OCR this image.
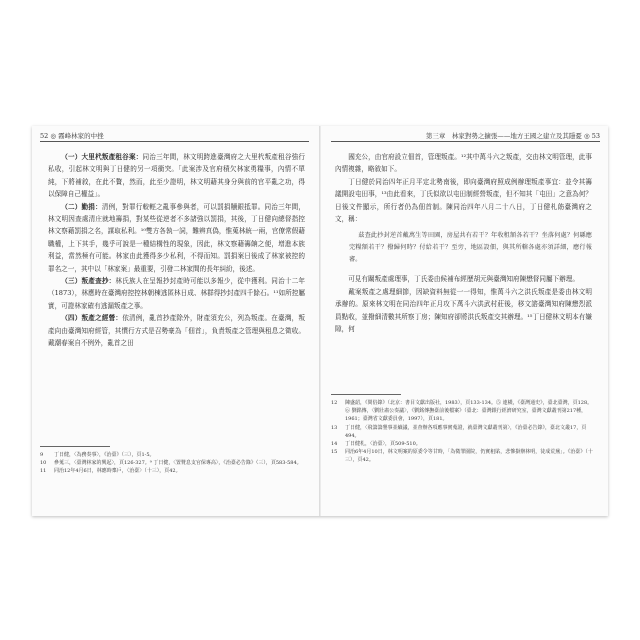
52 ◎ 霧峰林家的中挫

（一）大里杙叛產租谷案：同治三年間，林文明跨進臺灣府之大里杙叛產租谷強行私收，引起林文明與丁日健的另一項衝突。「此案涉及官府積欠林家勇糧事，內情不單純，下將補敘，在此不贅，然而，此至少證明，林文明藉其身分與前的官平亂之功，得以保障自己權益」。

（二）勤捐：清例，對罪行較輕之亂事參與者，可以罰捐贖銀抵罪。同治三年間，林文明因查處清庄就地籌捐，對某些從逆者不多諸強以罰捐，其後，丁日健向總督指控林文察藉罰捐之名，謀取私利。¹⁰雙方各執一詞，難辨真偽，惟蒐林統一兩，官僚常假藉職權，上下其手，幾乎可說是一種結構性的現象，因此，林文察藉籌餉之便，增進本族利益，當然極有可能。林家由此獲得多少私利，不得而知。罰捐案日後成了林家被控的罪名之一，其中以「林家案」最重要，引發二林家間的長年糾紛，後述。

（三）叛產查抄：林氏族人在呈報抄封產時可能以多報少，從中獲利。同治十二年（1873），林應時在臺灣府控控林朝棟逃匿林日成、林群得抄封產四千餘石。¹¹如所控屬實，可證林家確有逃漏叛產之事。

（四）叛產之經營：依清例，亂首抄產除外，財產須充公，列為叛產。在臺灣，叛產向由臺灣知府經管，其慣行方式是召勢豪為「佃首」，負責叛產之管理與租息之徵收。戴潮春案自不例外，亂首之田

9	丁日健，〈為務奏事〉，《治臺》（三），頁1-5。
10	參蒐三，〈臺灣林家的興起〉，頁126-327。⁹ 丁日健，〈置贊息支官保專高〉，《治臺必告錄》（三），頁583-584。
11	同治12年4月6日，林應時稟戶，〈治臺〉（十三），頁42。
第三章　林家對勢之擴張——地方王國之建立及其隱憂 ◎ 53

國充公，由官府設立佃首，管理叛產。¹²其中萬斗六之叛產，交由林文明管理，此事內情複雜，略敘如下。

丁日健於同治四年正月平定北勢南後，即向臺灣府照成例辦理叛產事宜：並令其籌議開設屯田事，¹³由此看來，丁氏似欲以屯田制經營叛產，但不知其「屯田」之意為何？日後文件顯示，所行者仍為佃首制。陳同治四年八月二十八日，丁日健札飭臺灣府之文，稱：

茲查此抄封逆首戴萬生等田園，房屋共有若干？年收租額各若干？坐落何處？何縣應完糧額若干？撥歸何時？付給若干？至旁，地區設佃，與其所轄各處亦須詳細，應行報審。

可見有關叛產處理事，丁氏委由候補布經歷胡元與臺灣知府陳懋督同屬下辦理。

戴案叛產之處理細節，因缺資料無從一一得知，惟萬斗六之洪氏叛產是委由林文明承辦的。原來林文明在同治四年正月攻下萬斗六洪武村莊後，移文諮臺灣知府陳懋烈派員點收，並撥細清數其所察丁房；陳知府卻將洪氏叛產交其辦理。¹⁵丁日健林文明本有嫌隙，何

12	陳盛韶，《問俗錄》（北京：書目文獻出版社，1983），頁133-134。⑤ 連橫，《臺灣通史》，臺北臺灣，頁128。⑥ 劉銘傳，〈劉壯肅公奏議〉，《劉銘傳撫臺前後檔案》（臺北：臺灣銀行經濟研究室，臺灣文獻叢刊第217種，1961；臺灣省文獻委員會，1997），頁181。
13	丁日健，〈飛籌籌墾事並續議，並查辦各項應事實蒐證，就臺灣文獻叢刊第〉，《治臺必告錄》，臺北文叢17，頁494。
14	丁日健札，〈治臺〉，頁509-510。
15	同治6年4月10日，林文明案的原委令等甘時，「為徵罪園院，仍實租貼，悲慘掛辦林明，徒成荒蕪」。《治臺》（十三），頁42。
